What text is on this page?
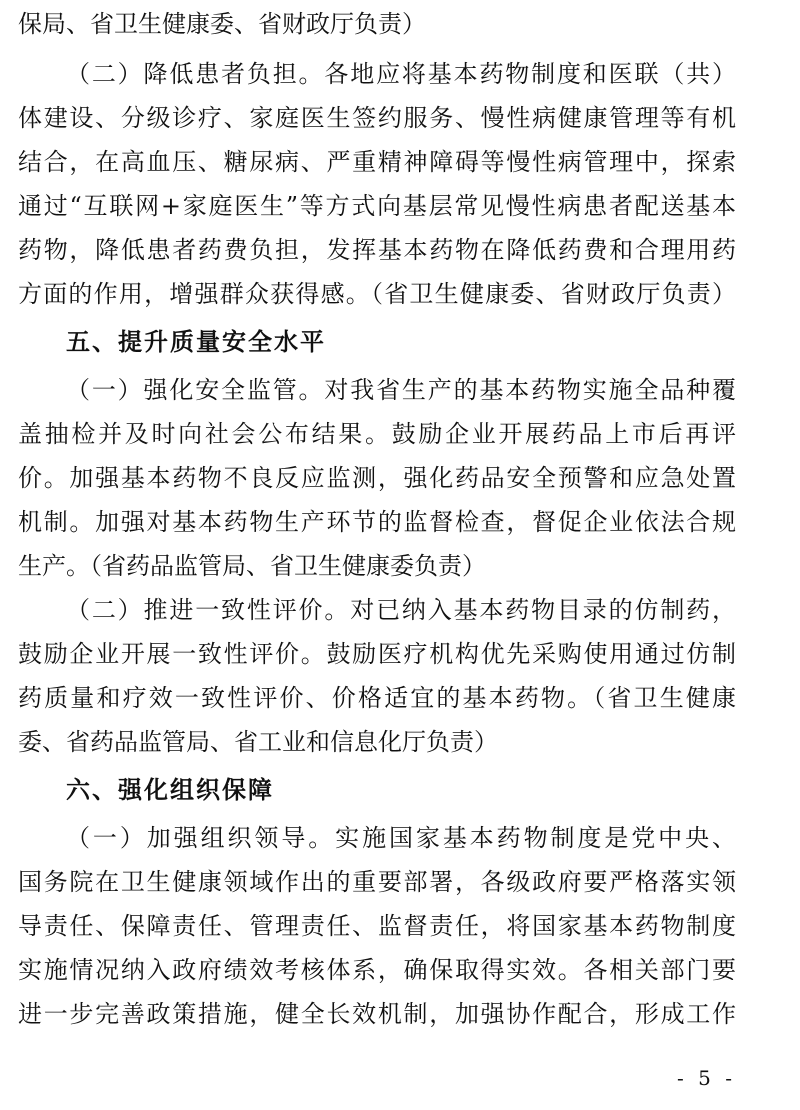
保局、省卫生健康委、省财政厅负责）
（二）降低患者负担。各地应将基本药物制度和医联（共）
体建设、分级诊疗、家庭医生签约服务、慢性病健康管理等有机
结合，在高血压、糖尿病、严重精神障碍等慢性病管理中，探索
通过“互联网+家庭医生”等方式向基层常见慢性病患者配送基本
药物，降低患者药费负担，发挥基本药物在降低药费和合理用药
方面的作用，增强群众获得感。（省卫生健康委、省财政厅负责）
五、提升质量安全水平
（一）强化安全监管。对我省生产的基本药物实施全品种覆
盖抽检并及时向社会公布结果。鼓励企业开展药品上市后再评
价。加强基本药物不良反应监测，强化药品安全预警和应急处置
机制。加强对基本药物生产环节的监督检查，督促企业依法合规
生产。（省药品监管局、省卫生健康委负责）
（二）推进一致性评价。对已纳入基本药物目录的仿制药，
鼓励企业开展一致性评价。鼓励医疗机构优先采购使用通过仿制
药质量和疗效一致性评价、价格适宜的基本药物。（省卫生健康
委、省药品监管局、省工业和信息化厅负责）
六、强化组织保障
（一）加强组织领导。实施国家基本药物制度是党中央、
国务院在卫生健康领域作出的重要部署，各级政府要严格落实领
导责任、保障责任、管理责任、监督责任，将国家基本药物制度
实施情况纳入政府绩效考核体系，确保取得实效。各相关部门要
进一步完善政策措施，健全长效机制，加强协作配合，形成工作
- 5 -
